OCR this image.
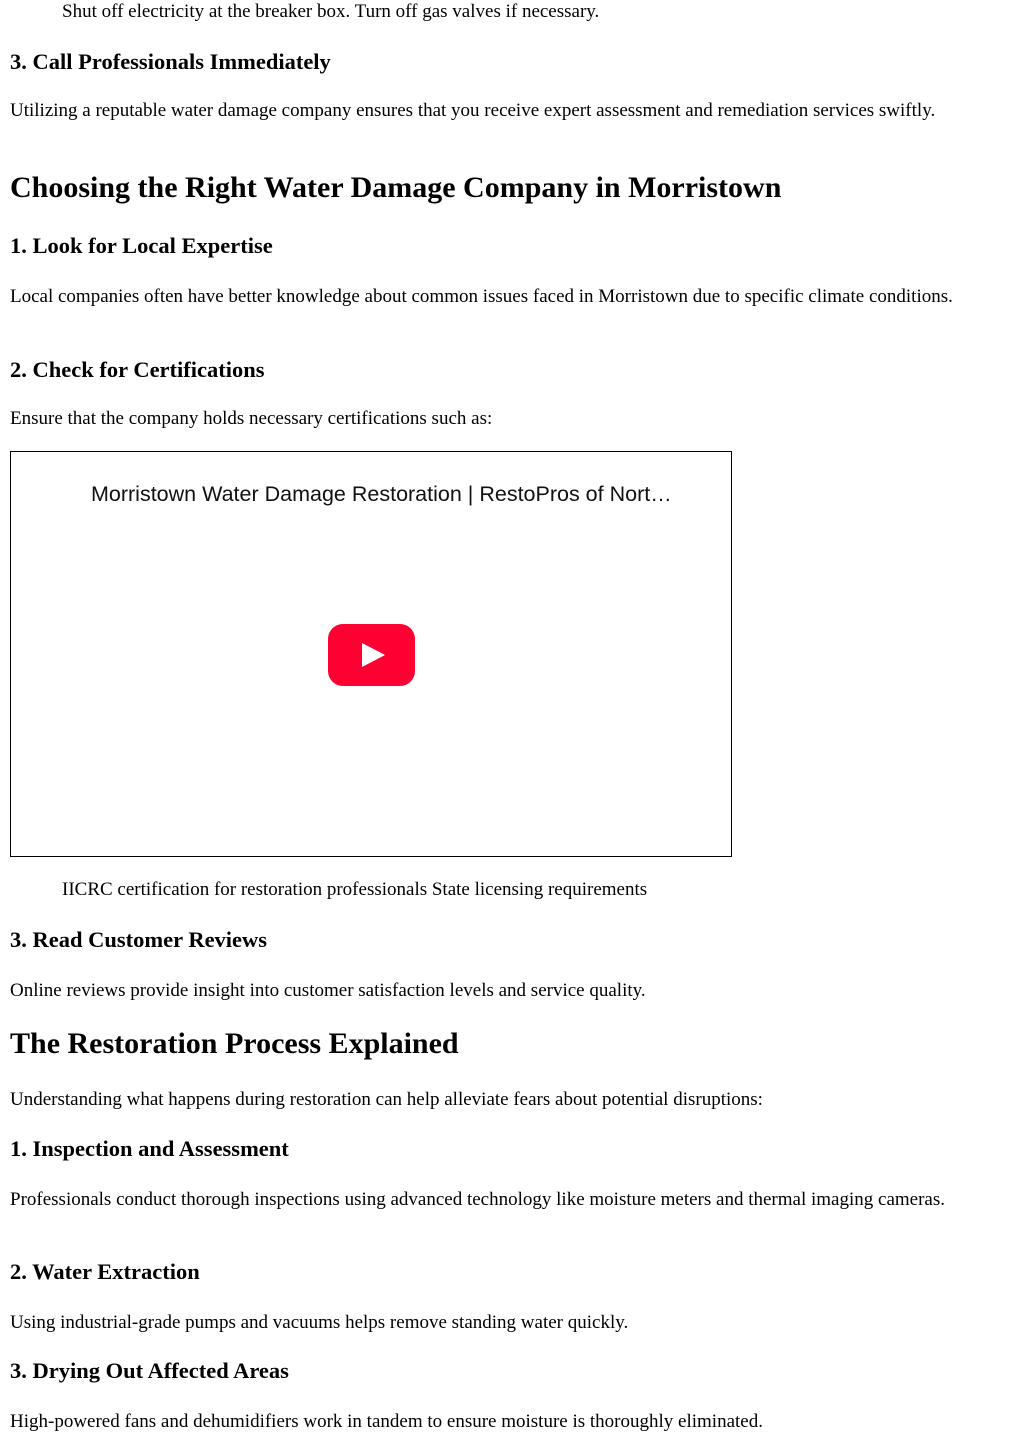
Shut off electricity at the breaker box. Turn off gas valves if necessary.

3. Call Professionals Immediately

Utilizing a reputable water damage company ensures that you receive expert assessment and remediation services swiftly.

Choosing the Right Water Damage Company in Morristown
1. Look for Local Expertise

Local companies often have better knowledge about common issues faced in Morristown due to specific climate conditions.

2. Check for Certifications

Ensure that the company holds necessary certifications such as:

Morristown Water Damage Restoration | RestoPros of Nort…

IICRC certification for restoration professionals State licensing requirements

3. Read Customer Reviews

Online reviews provide insight into customer satisfaction levels and service quality.

The Restoration Process Explained

Understanding what happens during restoration can help alleviate fears about potential disruptions:

1. Inspection and Assessment

Professionals conduct thorough inspections using advanced technology like moisture meters and thermal imaging cameras.

2. Water Extraction

Using industrial-grade pumps and vacuums helps remove standing water quickly.

3. Drying Out Affected Areas

High-powered fans and dehumidifiers work in tandem to ensure moisture is thoroughly eliminated.
